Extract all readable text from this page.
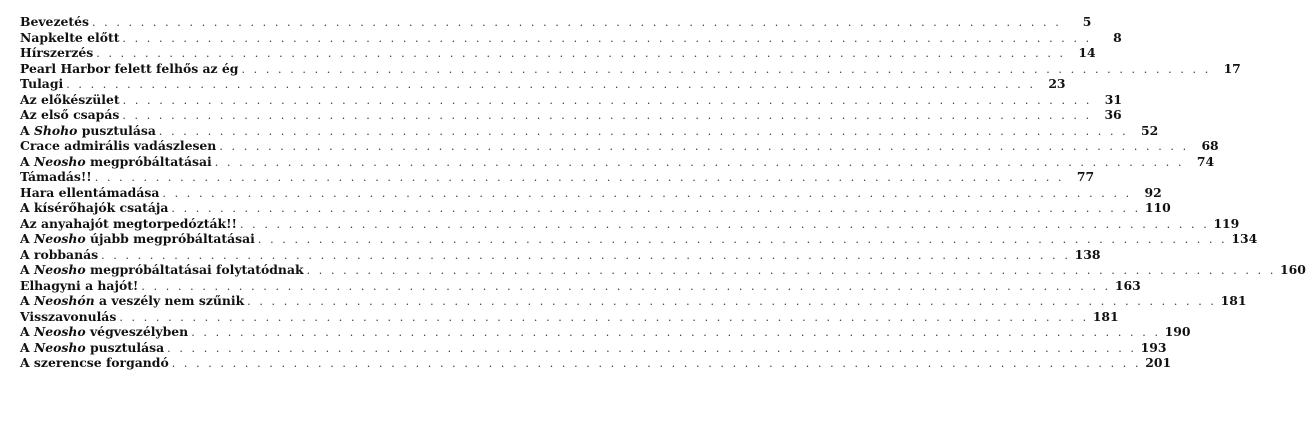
Bevezetés . . . . . . . . . . . . . . . . . . . . . . . . . . . . . . . . . . . . . . . . . . . . . . . . . . . . . . . . . . . . . . . . . . . . . . . . . . . . . . . .	5
Napkelte előtt . . . . . . . . . . . . . . . . . . . . . . . . . . . . . . . . . . . . . . . . . . . . . . . . . . . . . . . . . . . . . . . . . . . . . . . . . . . . . . . .	8
Hírszerzés . . . . . . . . . . . . . . . . . . . . . . . . . . . . . . . . . . . . . . . . . . . . . . . . . . . . . . . . . . . . . . . . . . . . . . . . . . . . . . . .	14
Pearl Harbor felett felhős az ég . . . . . . . . . . . . . . . . . . . . . . . . . . . . . . . . . . . . . . . . . . . . . . . . . . . . . . . . . . . . . . . . . . . . . . . . . . . . . . . .	17
Tulagi . . . . . . . . . . . . . . . . . . . . . . . . . . . . . . . . . . . . . . . . . . . . . . . . . . . . . . . . . . . . . . . . . . . . . . . . . . . . . . . .	23
Az előkészület . . . . . . . . . . . . . . . . . . . . . . . . . . . . . . . . . . . . . . . . . . . . . . . . . . . . . . . . . . . . . . . . . . . . . . . . . . . . . . . .	31
Az első csapás . . . . . . . . . . . . . . . . . . . . . . . . . . . . . . . . . . . . . . . . . . . . . . . . . . . . . . . . . . . . . . . . . . . . . . . . . . . . . . . .	36
A Shoho pusztulása . . . . . . . . . . . . . . . . . . . . . . . . . . . . . . . . . . . . . . . . . . . . . . . . . . . . . . . . . . . . . . . . . . . . . . . . . . . . . . . .	52
Crace admirális vadászlesen . . . . . . . . . . . . . . . . . . . . . . . . . . . . . . . . . . . . . . . . . . . . . . . . . . . . . . . . . . . . . . . . . . . . . . . . . . . . . . . .	68
A Neosho megpróbáltatásai . . . . . . . . . . . . . . . . . . . . . . . . . . . . . . . . . . . . . . . . . . . . . . . . . . . . . . . . . . . . . . . . . . . . . . . . . . . . . . . .	74
Támadás!! . . . . . . . . . . . . . . . . . . . . . . . . . . . . . . . . . . . . . . . . . . . . . . . . . . . . . . . . . . . . . . . . . . . . . . . . . . . . . . . .	77
Hara ellentámadása . . . . . . . . . . . . . . . . . . . . . . . . . . . . . . . . . . . . . . . . . . . . . . . . . . . . . . . . . . . . . . . . . . . . . . . . . . . . . . . .	92
A kísérőhajók csatája . . . . . . . . . . . . . . . . . . . . . . . . . . . . . . . . . . . . . . . . . . . . . . . . . . . . . . . . . . . . . . . . . . . . . . . . . . . . . . . . 110
Az anyahajót megtorpedózták!! . . . . . . . . . . . . . . . . . . . . . . . . . . . . . . . . . . . . . . . . . . . . . . . . . . . . . . . . . . . . . . . . . . . . . . . . . . . . . . . . 119
A Neosho újabb megpróbáltatásai . . . . . . . . . . . . . . . . . . . . . . . . . . . . . . . . . . . . . . . . . . . . . . . . . . . . . . . . . . . . . . . . . . . . . . . . . . . . . . . . 134
A robbanás . . . . . . . . . . . . . . . . . . . . . . . . . . . . . . . . . . . . . . . . . . . . . . . . . . . . . . . . . . . . . . . . . . . . . . . . . . . . . . . . 138
A Neosho megpróbáltatásai folytatódnak . . . . . . . . . . . . . . . . . . . . . . . . . . . . . . . . . . . . . . . . . . . . . . . . . . . . . . . . . . . . . . . . . . . . . . . . . . . . . . . . 160
Elhagyni a hajót! . . . . . . . . . . . . . . . . . . . . . . . . . . . . . . . . . . . . . . . . . . . . . . . . . . . . . . . . . . . . . . . . . . . . . . . . . . . . . . . . 163
A Neoshón a veszély nem szűnik . . . . . . . . . . . . . . . . . . . . . . . . . . . . . . . . . . . . . . . . . . . . . . . . . . . . . . . . . . . . . . . . . . . . . . . . . . . . . . . . 181
Visszavonulás . . . . . . . . . . . . . . . . . . . . . . . . . . . . . . . . . . . . . . . . . . . . . . . . . . . . . . . . . . . . . . . . . . . . . . . . . . . . . . . . 181
A Neosho végveszélyben . . . . . . . . . . . . . . . . . . . . . . . . . . . . . . . . . . . . . . . . . . . . . . . . . . . . . . . . . . . . . . . . . . . . . . . . . . . . . . . . 190
A Neosho pusztulása . . . . . . . . . . . . . . . . . . . . . . . . . . . . . . . . . . . . . . . . . . . . . . . . . . . . . . . . . . . . . . . . . . . . . . . . . . . . . . . . 193
A szerencse forgandó . . . . . . . . . . . . . . . . . . . . . . . . . . . . . . . . . . . . . . . . . . . . . . . . . . . . . . . . . . . . . . . . . . . . . . . . . . . . . . . . 201
